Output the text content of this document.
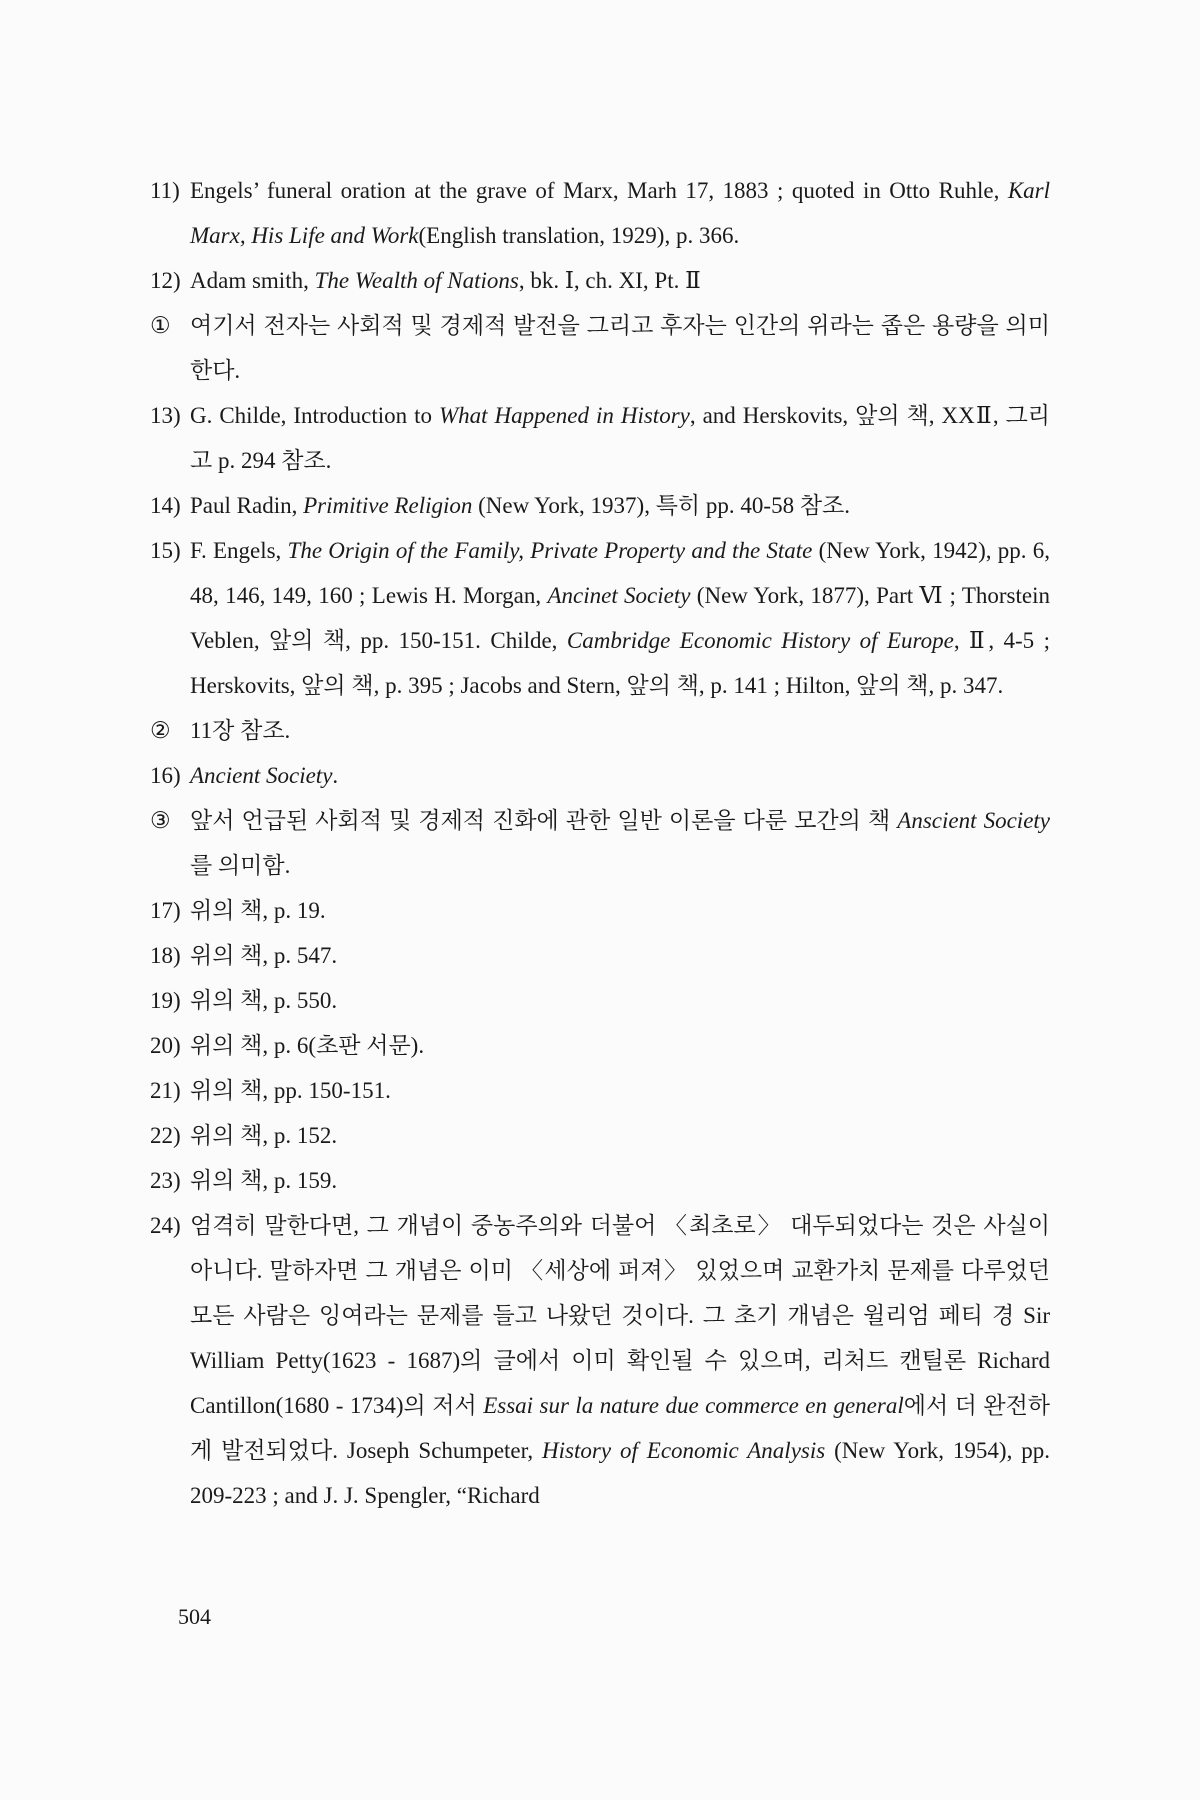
11) Engels’ funeral oration at the grave of Marx, Marh 17, 1883 ; quoted in Otto Ruhle, Karl Marx, His Life and Work(English translation, 1929), p. 366.
12) Adam smith, The Wealth of Nations, bk. Ⅰ, ch. XI, Pt. Ⅱ
① 여기서 전자는 사회적 및 경제적 발전을 그리고 후자는 인간의 위라는 좁은 용량을 의미한다.
13) G. Childe, Introduction to What Happened in History, and Herskovits, 앞의 책, XXⅡ, 그리고 p. 294 참조.
14) Paul Radin, Primitive Religion (New York, 1937), 특히 pp. 40-58 참조.
15) F. Engels, The Origin of the Family, Private Property and the State (New York, 1942), pp. 6, 48, 146, 149, 160 ; Lewis H. Morgan, Ancinet Society (New York, 1877), Part Ⅵ ; Thorstein Veblen, 앞의 책, pp. 150-151. Childe, Cambridge Economic History of Europe, Ⅱ, 4-5 ; Herskovits, 앞의 책, p. 395 ; Jacobs and Stern, 앞의 책, p. 141 ; Hilton, 앞의 책, p. 347.
② 11장 참조.
16) Ancient Society.
③ 앞서 언급된 사회적 및 경제적 진화에 관한 일반 이론을 다룬 모간의 책 Anscient Society를 의미함.
17) 위의 책, p. 19.
18) 위의 책, p. 547.
19) 위의 책, p. 550.
20) 위의 책, p. 6(초판 서문).
21) 위의 책, pp. 150-151.
22) 위의 책, p. 152.
23) 위의 책, p. 159.
24) 엄격히 말한다면, 그 개념이 중농주의와 더불어 〈최초로〉 대두되었다는 것은 사실이 아니다. 말하자면 그 개념은 이미 〈세상에 퍼져〉 있었으며 교환가치 문제를 다루었던 모든 사람은 잉여라는 문제를 들고 나왔던 것이다. 그 초기 개념은 윌리엄 페티 경 Sir William Petty(1623 - 1687)의 글에서 이미 확인될 수 있으며, 리처드 캔틸론 Richard Cantillon(1680 - 1734)의 저서 Essai sur la nature due commerce en general에서 더 완전하게 발전되었다. Joseph Schumpeter, History of Economic Analysis (New York, 1954), pp. 209-223 ; and J. J. Spengler, “Richard
504
